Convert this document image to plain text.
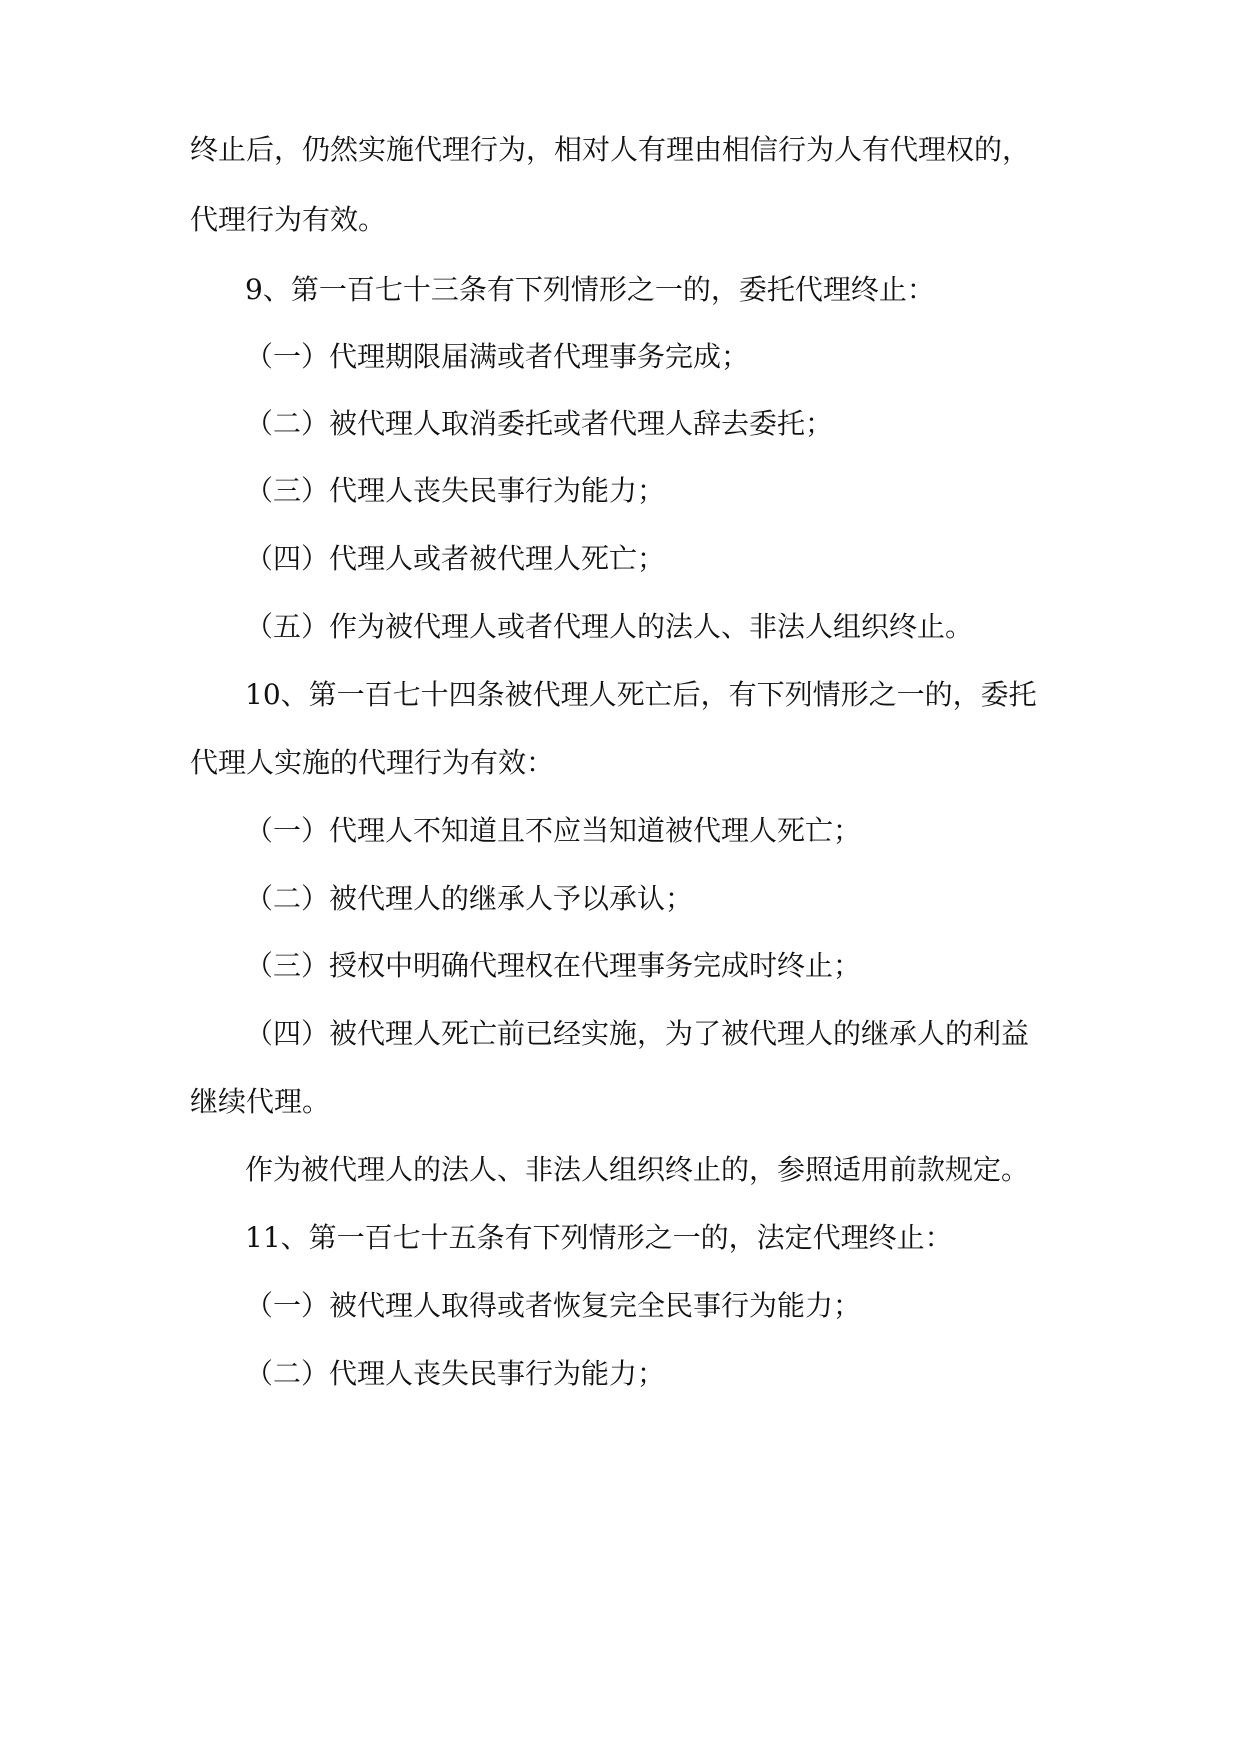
终止后，仍然实施代理行为，相对人有理由相信行为人有代理权的，
代理行为有效。
9、第一百七十三条有下列情形之一的，委托代理终止：
（一）代理期限届满或者代理事务完成；
（二）被代理人取消委托或者代理人辞去委托；
（三）代理人丧失民事行为能力；
（四）代理人或者被代理人死亡；
（五）作为被代理人或者代理人的法人、非法人组织终止。
10、第一百七十四条被代理人死亡后，有下列情形之一的，委托
代理人实施的代理行为有效：
（一）代理人不知道且不应当知道被代理人死亡；
（二）被代理人的继承人予以承认；
（三）授权中明确代理权在代理事务完成时终止；
（四）被代理人死亡前已经实施，为了被代理人的继承人的利益
继续代理。
作为被代理人的法人、非法人组织终止的，参照适用前款规定。
11、第一百七十五条有下列情形之一的，法定代理终止：
（一）被代理人取得或者恢复完全民事行为能力；
（二）代理人丧失民事行为能力；
